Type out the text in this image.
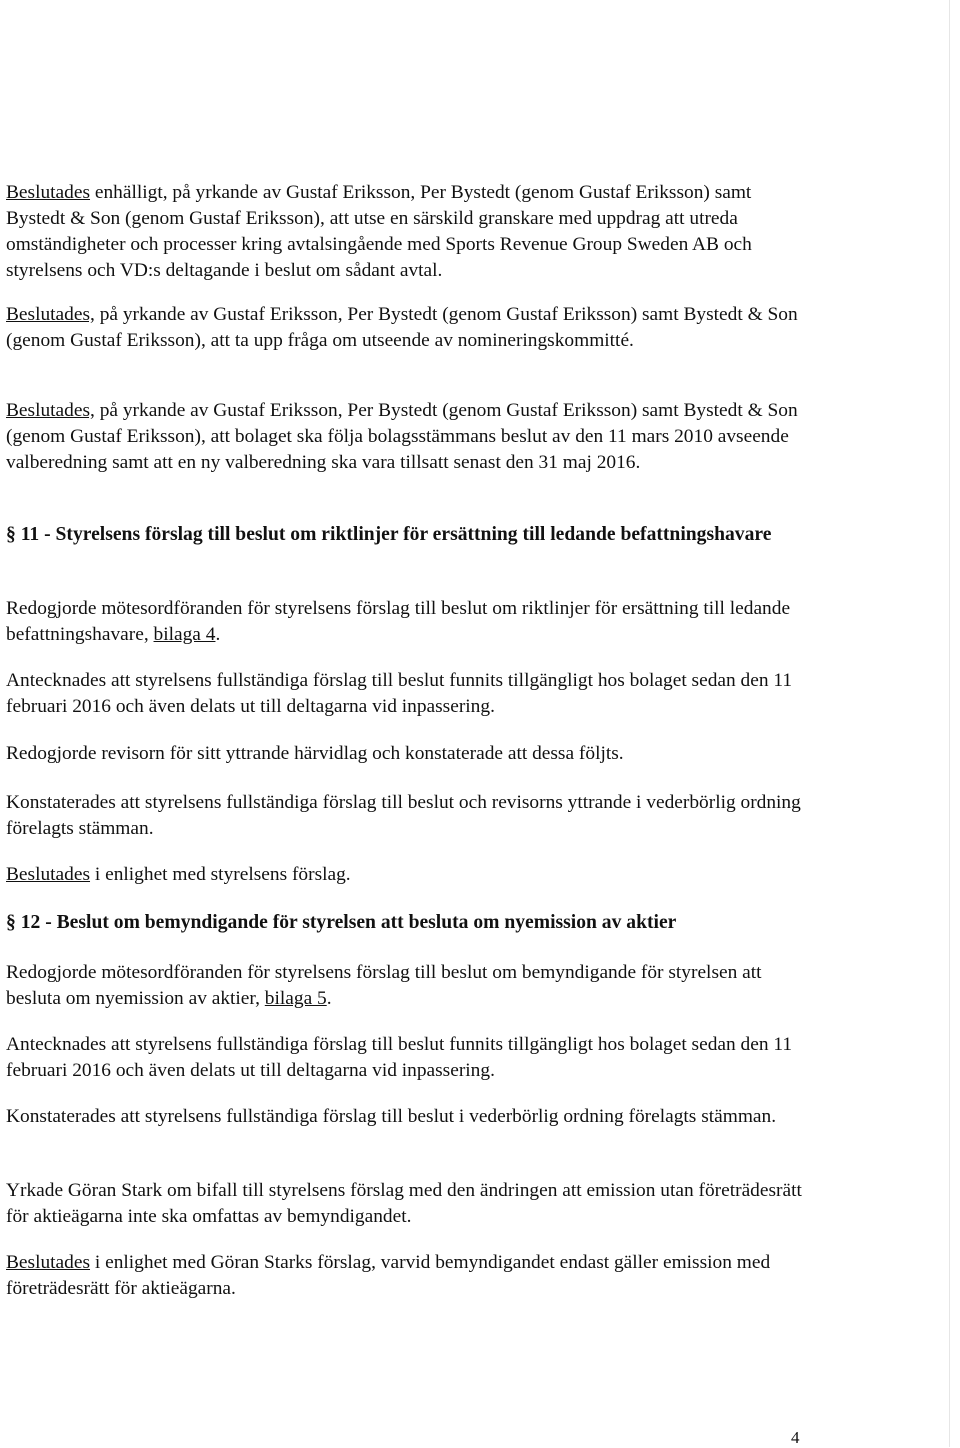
Beslutades enhälligt, på yrkande av Gustaf Eriksson, Per Bystedt (genom Gustaf Eriksson) samt Bystedt & Son (genom Gustaf Eriksson), att utse en särskild granskare med uppdrag att utreda omständigheter och processer kring avtalsingående med Sports Revenue Group Sweden AB och styrelsens och VD:s deltagande i beslut om sådant avtal.

Beslutades, på yrkande av Gustaf Eriksson, Per Bystedt (genom Gustaf Eriksson) samt Bystedt & Son (genom Gustaf Eriksson), att ta upp fråga om utseende av nomineringskommitté.

Beslutades, på yrkande av Gustaf Eriksson, Per Bystedt (genom Gustaf Eriksson) samt Bystedt & Son (genom Gustaf Eriksson), att bolaget ska följa bolagsstämmans beslut av den 11 mars 2010 avseende valberedning samt att en ny valberedning ska vara tillsatt senast den 31 maj 2016.

§ 11 - Styrelsens förslag till beslut om riktlinjer för ersättning till ledande befattningshavare

Redogjorde mötesordföranden för styrelsens förslag till beslut om riktlinjer för ersättning till ledande befattningshavare, bilaga 4.

Antecknades att styrelsens fullständiga förslag till beslut funnits tillgängligt hos bolaget sedan den 11 februari 2016 och även delats ut till deltagarna vid inpassering.

Redogjorde revisorn för sitt yttrande härvidlag och konstaterade att dessa följts.

Konstaterades att styrelsens fullständiga förslag till beslut och revisorns yttrande i vederbörlig ordning förelagts stämman.

Beslutades i enlighet med styrelsens förslag.

§ 12 - Beslut om bemyndigande för styrelsen att besluta om nyemission av aktier

Redogjorde mötesordföranden för styrelsens förslag till beslut om bemyndigande för styrelsen att besluta om nyemission av aktier, bilaga 5.

Antecknades att styrelsens fullständiga förslag till beslut funnits tillgängligt hos bolaget sedan den 11 februari 2016 och även delats ut till deltagarna vid inpassering.

Konstaterades att styrelsens fullständiga förslag till beslut i vederbörlig ordning förelagts stämman.

Yrkade Göran Stark om bifall till styrelsens förslag med den ändringen att emission utan företrädesrätt för aktieägarna inte ska omfattas av bemyndigandet.

Beslutades i enlighet med Göran Starks förslag, varvid bemyndigandet endast gäller emission med företrädesrätt för aktieägarna.

4
